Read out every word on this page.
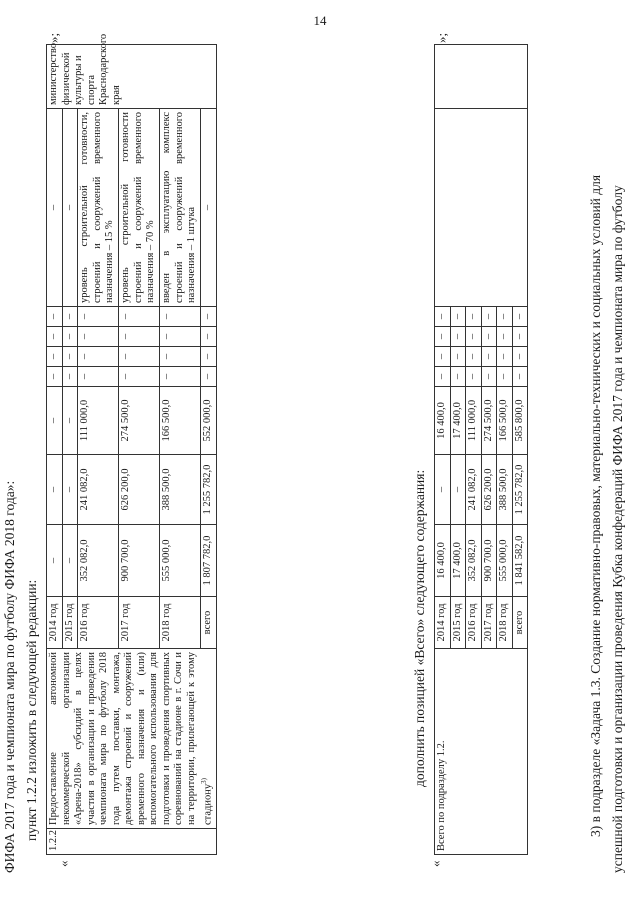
14
ФИФА 2017 года и чемпионата мира по футболу ФИФА 2018 года»: пункт 1.2.2 изложить в следующей редакции:
«
1.2.2	Предоставление автономной некоммерческой организации «Арена-2018» субсидий в целях участия в организации и проведении чемпионата мира по футболу 2018 года путем поставки, монтажа, демонтажа строений и сооружений временного назначения и (или) вспомогательного использования для подготовки и проведения спортивных соревнований на стадионе в г. Сочи и на территории, прилегающей к этому стадиону$^{3)}$	2014 год	–	–	–	–	–	–	–	–	министерство физической культуры и спорта Краснодарского края
		2015 год	–	–	–	–	–	–	–	–	
		2016 год	352 082,0	241 082,0	111 000,0	–	–	–	–	уровень строительной готовности, строений и сооружений временного назначения – 15 %	
		2017 год	900 700,0	626 200,0	274 500,0	–	–	–	–	уровень строительной готовности строений и сооружений временного назначения – 70 %	
		2018 год	555 000,0	388 500,0	166 500,0	–	–	–	–	введен в эксплуатацию комплекс строений и сооружений временного назначения – 1 штука	
		всего	1 807 782,0	1 255 782,0	552 000,0	–	–	–	–	–	
»;
дополнить позицией «Всего» следующего содержания:
«
Всего по подразделу 1.2.	2014 год	16 400,0	–	16 400,0	–	–	–	–		
	2015 год	17 400,0	–	17 400,0	–	–	–	–		
	2016 год	352 082,0	241 082,0	111 000,0	–	–	–	–		
	2017 год	900 700,0	626 200,0	274 500,0	–	–	–	–		
	2018 год	555 000,0	388 500,0	166 500,0	–	–	–	–		
	всего	1 841 582,0	1 255 782,0	585 800,0	–	–	–	–		
»;
3) в подразделе «Задача 1.3. Создание нормативно-правовых, материально-технических и социальных условий для успешной подготовки и организации проведения Кубка конфедераций ФИФА 2017 года и чемпионата мира по футболу
